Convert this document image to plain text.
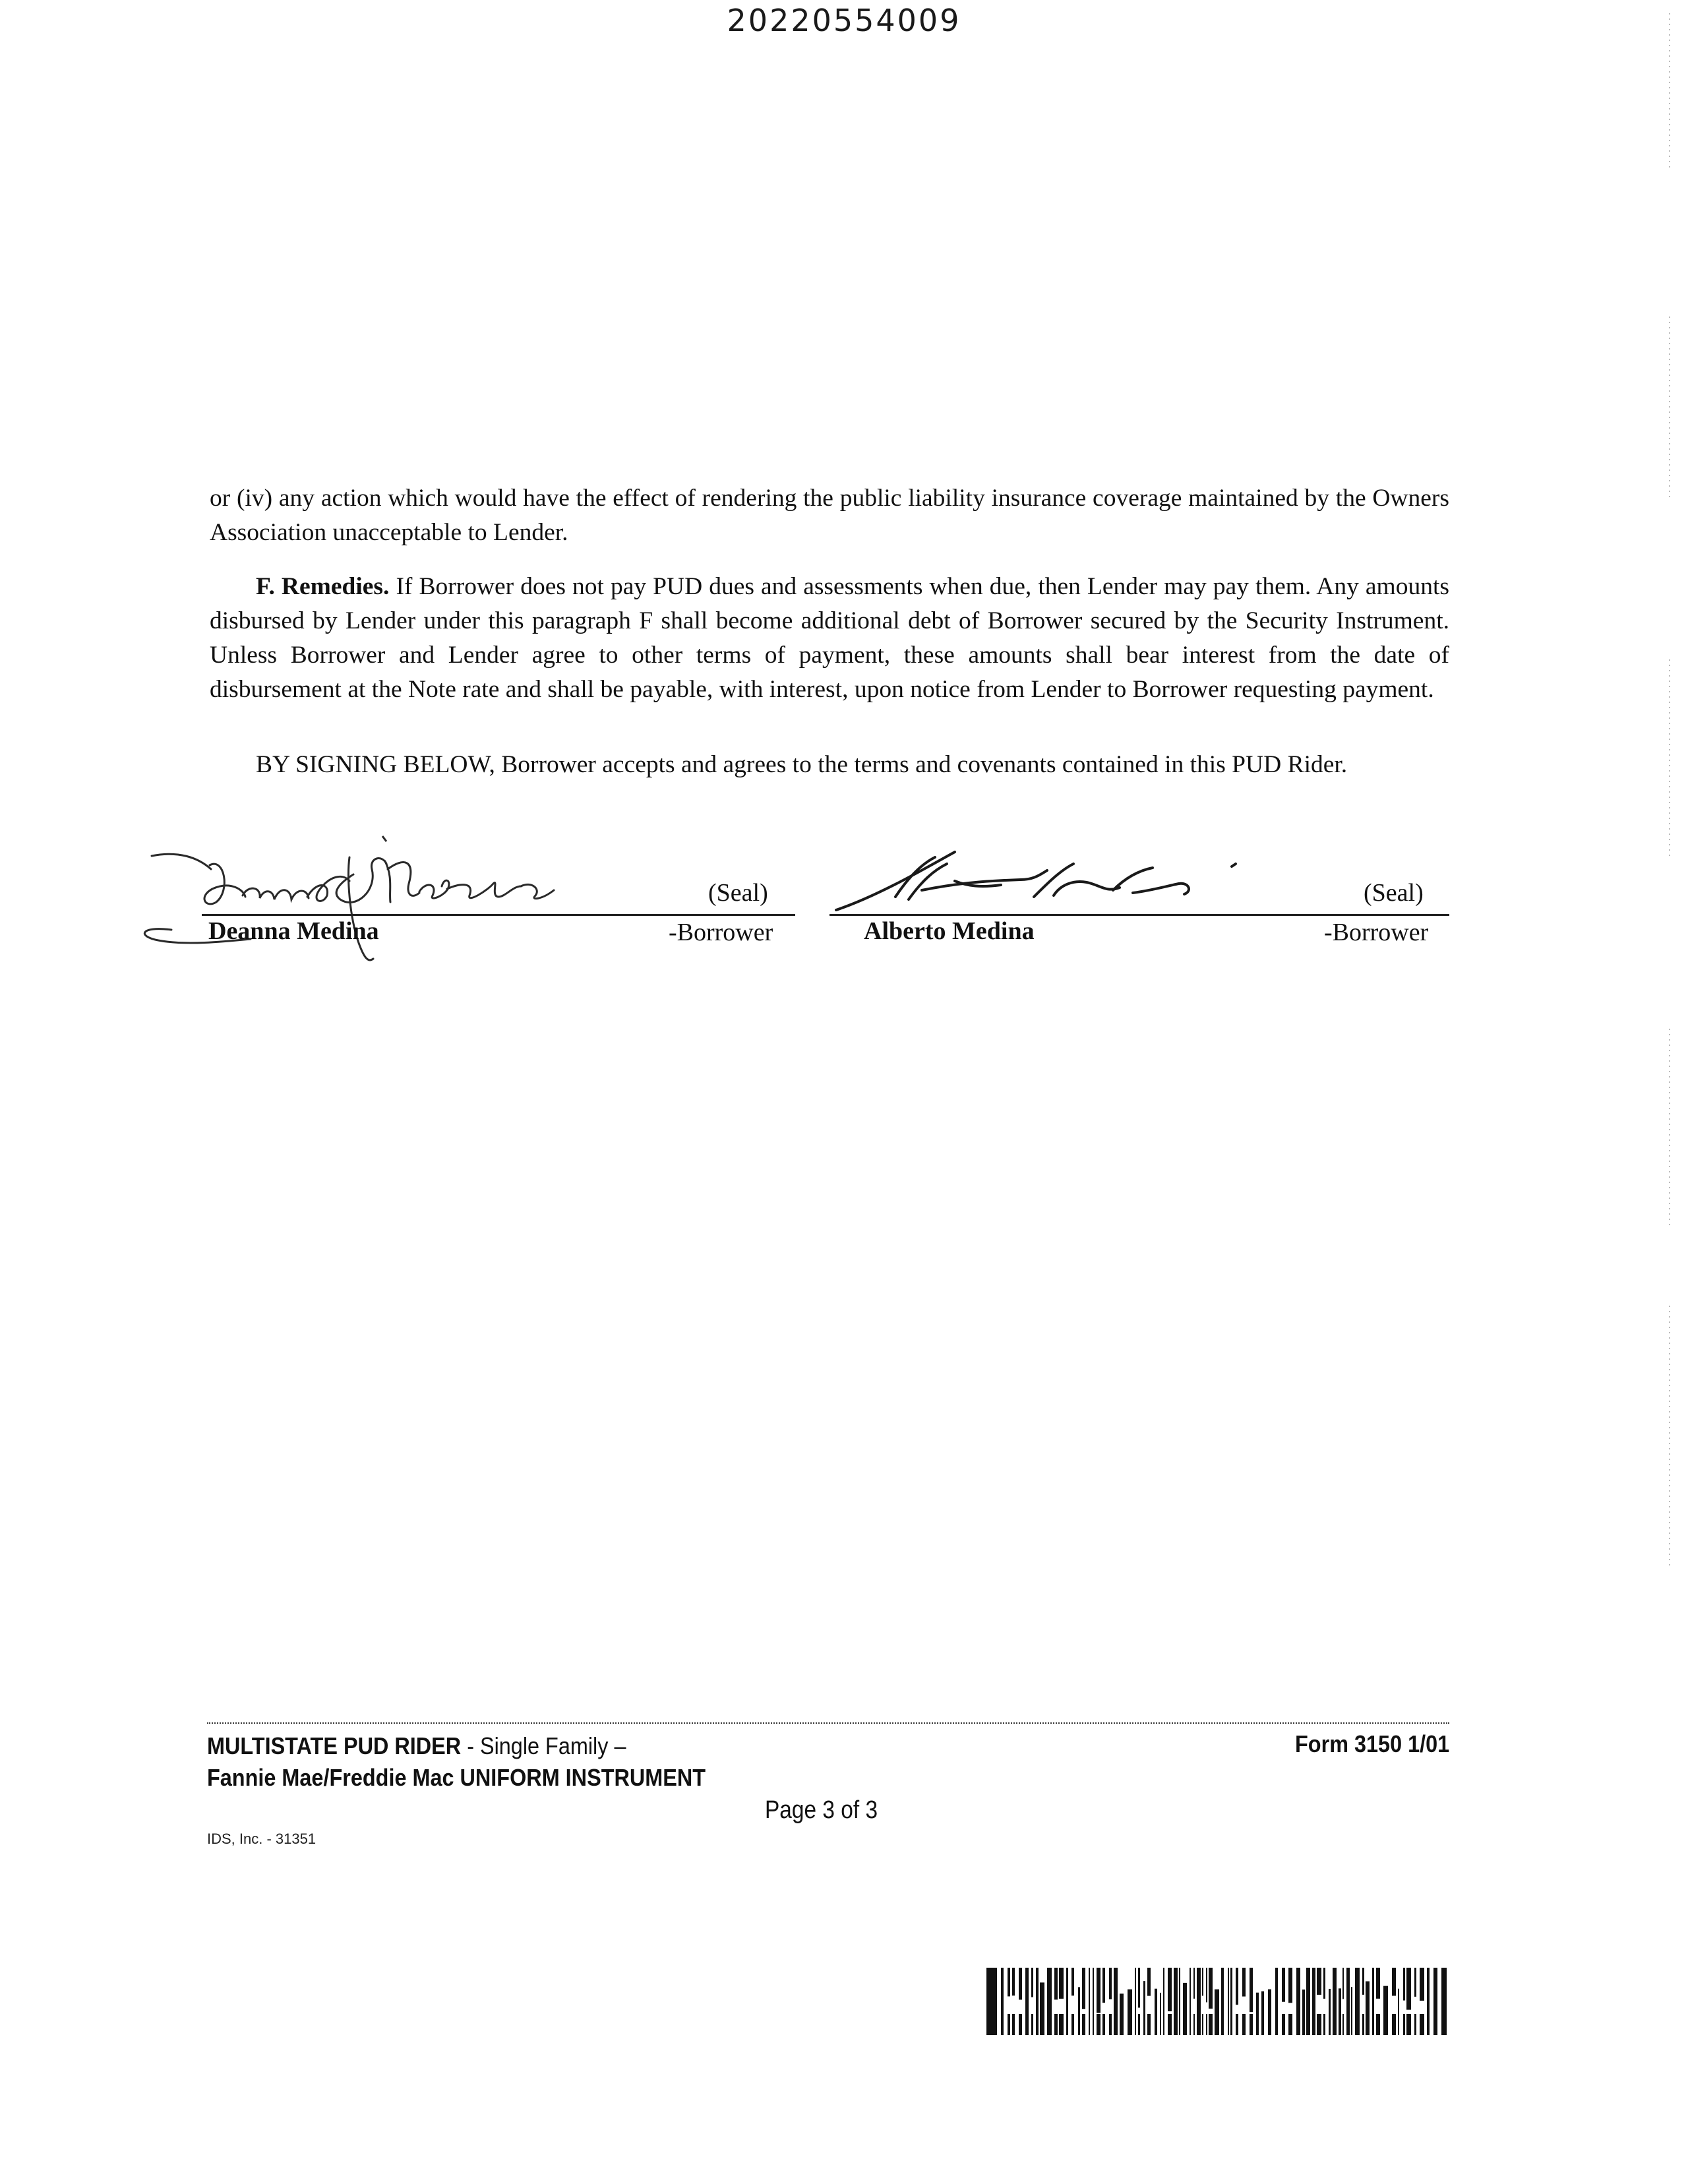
20220554009
or (iv) any action which would have the effect of rendering the public liability insurance coverage maintained by the Owners Association unacceptable to Lender.
F. Remedies. If Borrower does not pay PUD dues and assessments when due, then Lender may pay them. Any amounts disbursed by Lender under this paragraph F shall become additional debt of Borrower secured by the Security Instrument. Unless Borrower and Lender agree to other terms of payment, these amounts shall bear interest from the date of disbursement at the Note rate and shall be payable, with interest, upon notice from Lender to Borrower requesting payment.
BY SIGNING BELOW, Borrower accepts and agrees to the terms and covenants contained in this PUD Rider.
(Seal)	(Seal)
Deanna Medina	-Borrower	Alberto Medina	-Borrower
MULTISTATE PUD RIDER - Single Family –
Fannie Mae/Freddie Mac UNIFORM INSTRUMENT
Form 3150 1/01
Page 3 of 3
IDS, Inc. - 31351
